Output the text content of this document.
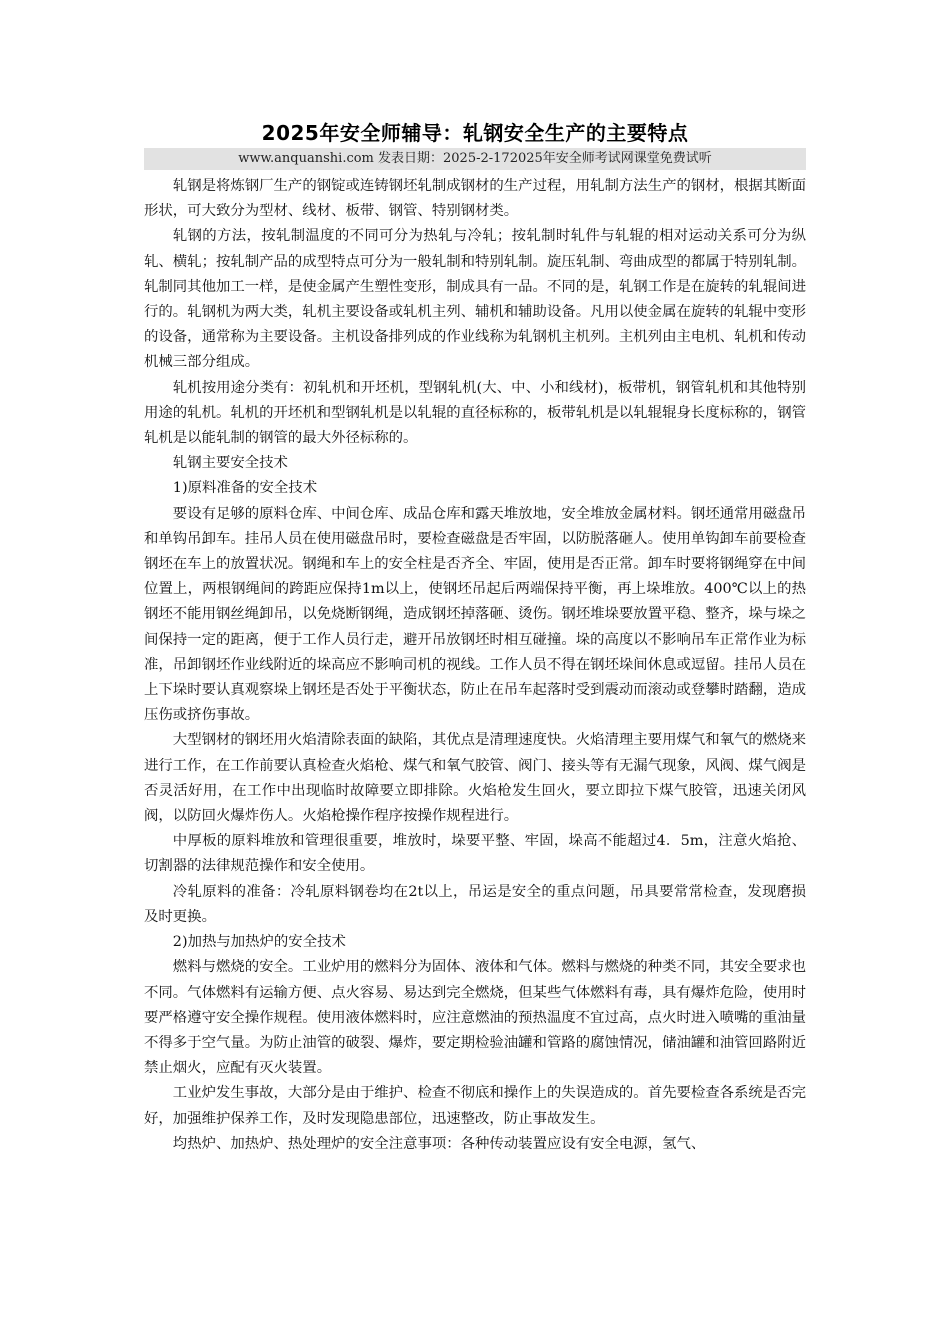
2025年安全师辅导：轧钢安全生产的主要特点
www.anquanshi.com 发表日期：2025-2-172025年安全师考试网课堂免费试听

轧钢是将炼钢厂生产的钢锭或连铸钢坯轧制成钢材的生产过程，用轧制方法生产的钢材，根据其断面形状，可大致分为型材、线材、板带、钢管、特别钢材类。

轧钢的方法，按轧制温度的不同可分为热轧与冷轧；按轧制时轧件与轧辊的相对运动关系可分为纵轧、横轧；按轧制产品的成型特点可分为一般轧制和特别轧制。旋压轧制、弯曲成型的都属于特别轧制。轧制同其他加工一样，是使金属产生塑性变形，制成具有一品。不同的是，轧钢工作是在旋转的轧辊间进行的。轧钢机为两大类，轧机主要设备或轧机主列、辅机和辅助设备。凡用以使金属在旋转的轧辊中变形的设备，通常称为主要设备。主机设备排列成的作业线称为轧钢机主机列。主机列由主电机、轧机和传动机械三部分组成。

轧机按用途分类有：初轧机和开坯机，型钢轧机(大、中、小和线材)，板带机，钢管轧机和其他特别用途的轧机。轧机的开坯机和型钢轧机是以轧辊的直径标称的，板带轧机是以轧辊辊身长度标称的，钢管轧机是以能轧制的钢管的最大外径标称的。

轧钢主要安全技术

1)原料准备的安全技术

要设有足够的原料仓库、中间仓库、成品仓库和露天堆放地，安全堆放金属材料。钢坯通常用磁盘吊和单钩吊卸车。挂吊人员在使用磁盘吊时，要检查磁盘是否牢固，以防脱落砸人。使用单钩卸车前要检查钢坯在车上的放置状况。钢绳和车上的安全柱是否齐全、牢固，使用是否正常。卸车时要将钢绳穿在中间位置上，两根钢绳间的跨距应保持1m以上，使钢坯吊起后两端保持平衡，再上垛堆放。400℃以上的热钢坯不能用钢丝绳卸吊，以免烧断钢绳，造成钢坯掉落砸、烫伤。钢坯堆垛要放置平稳、整齐，垛与垛之间保持一定的距离，便于工作人员行走，避开吊放钢坯时相互碰撞。垛的高度以不影响吊车正常作业为标准，吊卸钢坯作业线附近的垛高应不影响司机的视线。工作人员不得在钢坯垛间休息或逗留。挂吊人员在上下垛时要认真观察垛上钢坯是否处于平衡状态，防止在吊车起落时受到震动而滚动或登攀时踏翻，造成压伤或挤伤事故。

大型钢材的钢坯用火焰清除表面的缺陷，其优点是清理速度快。火焰清理主要用煤气和氧气的燃烧来进行工作，在工作前要认真检查火焰枪、煤气和氧气胶管、阀门、接头等有无漏气现象，风阀、煤气阀是否灵活好用，在工作中出现临时故障要立即排除。火焰枪发生回火，要立即拉下煤气胶管，迅速关闭风阀，以防回火爆炸伤人。火焰枪操作程序按操作规程进行。

中厚板的原料堆放和管理很重要，堆放时，垛要平整、牢固，垛高不能超过4．5m，注意火焰抢、切割器的法律规范操作和安全使用。

冷轧原料的准备：冷轧原料钢卷均在2t以上，吊运是安全的重点问题，吊具要常常检查，发现磨损及时更换。

2)加热与加热炉的安全技术

燃料与燃烧的安全。工业炉用的燃料分为固体、液体和气体。燃料与燃烧的种类不同，其安全要求也不同。气体燃料有运输方便、点火容易、易达到完全燃烧，但某些气体燃料有毒，具有爆炸危险，使用时要严格遵守安全操作规程。使用液体燃料时，应注意燃油的预热温度不宜过高，点火时进入喷嘴的重油量不得多于空气量。为防止油管的破裂、爆炸，要定期检验油罐和管路的腐蚀情况，储油罐和油管回路附近禁止烟火，应配有灭火装置。

工业炉发生事故，大部分是由于维护、检查不彻底和操作上的失误造成的。首先要检查各系统是否完好，加强维护保养工作，及时发现隐患部位，迅速整改，防止事故发生。

均热炉、加热炉、热处理炉的安全注意事项：各种传动装置应设有安全电源，氢气、
